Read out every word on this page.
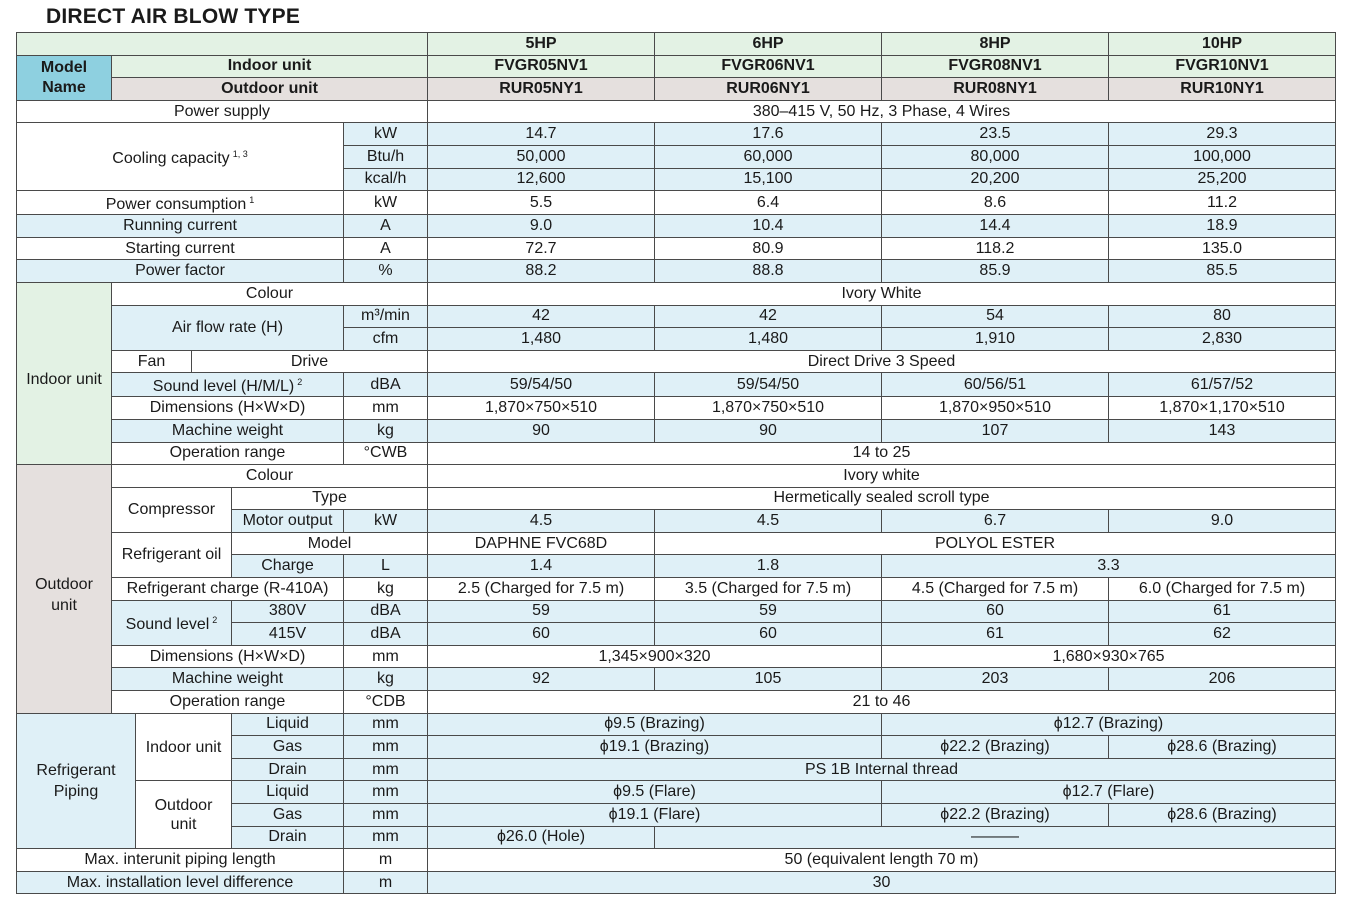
DIRECT AIR BLOW TYPE
						5HP	6HP	8HP	10HP
Model Name	Indoor unit					FVGR05NV1	FVGR06NV1	FVGR08NV1	FVGR10NV1
	Outdoor unit					RUR05NY1	RUR06NY1	RUR08NY1	RUR10NY1
Power supply						380–415 V, 50 Hz, 3 Phase, 4 Wires			
Cooling capacity $^{1, 3}$					kW	14.7	17.6	23.5	29.3
					Btu/h	50,000	60,000	80,000	100,000
					kcal/h	12,600	15,100	20,200	25,200
Power consumption $^1$					kW	5.5	6.4	8.6	11.2
Running current					A	9.0	10.4	14.4	18.9
Starting current					A	72.7	80.9	118.2	135.0
Power factor					%	88.2	88.8	85.9	85.5
Indoor unit	Colour					Ivory White			
	Air flow rate (H)				m³/min	42	42	54	80
					cfm	1,480	1,480	1,910	2,830
	Fan		Drive			Direct Drive 3 Speed			
	Sound level (H/M/L) $^2$				dBA	59/54/50	59/54/50	60/56/51	61/57/52
	Dimensions (H×W×D)				mm	1,870×750×510	1,870×750×510	1,870×950×510	1,870×1,170×510
	Machine weight				kg	90	90	107	143
	Operation range				°CWB	14 to 25			
Outdoor unit	Colour					Ivory white			
	Compressor			Type		Hermetically sealed scroll type			
				Motor output	kW	4.5	4.5	6.7	9.0
	Refrigerant oil			Model		DAPHNE FVC68D	POLYOL ESTER		
				Charge	L	1.4	1.8	3.3	
	Refrigerant charge (R-410A)				kg	2.5 (Charged for 7.5 m)	3.5 (Charged for 7.5 m)	4.5 (Charged for 7.5 m)	6.0 (Charged for 7.5 m)
	Sound level $^2$			380V	dBA	59	59	60	61
				415V	dBA	60	60	61	62
	Dimensions (H×W×D)				mm	1,345×900×320		1,680×930×765	
	Machine weight				kg	92	105	203	206
	Operation range				°CDB	21 to 46			
Refrigerant Piping		Indoor unit		Liquid	mm	ϕ9.5 (Brazing)		ϕ12.7 (Brazing)	
				Gas	mm	ϕ19.1 (Brazing)		ϕ22.2 (Brazing)	ϕ28.6 (Brazing)
				Drain	mm	PS 1B Internal thread			
		Outdoor unit		Liquid	mm	ϕ9.5 (Flare)		ϕ12.7 (Flare)	
				Gas	mm	ϕ19.1 (Flare)		ϕ22.2 (Brazing)	ϕ28.6 (Brazing)
				Drain	mm	ϕ26.0 (Hole)	———		
Max. interunit piping length					m	50 (equivalent length 70 m)			
Max. installation level difference					m	30			
